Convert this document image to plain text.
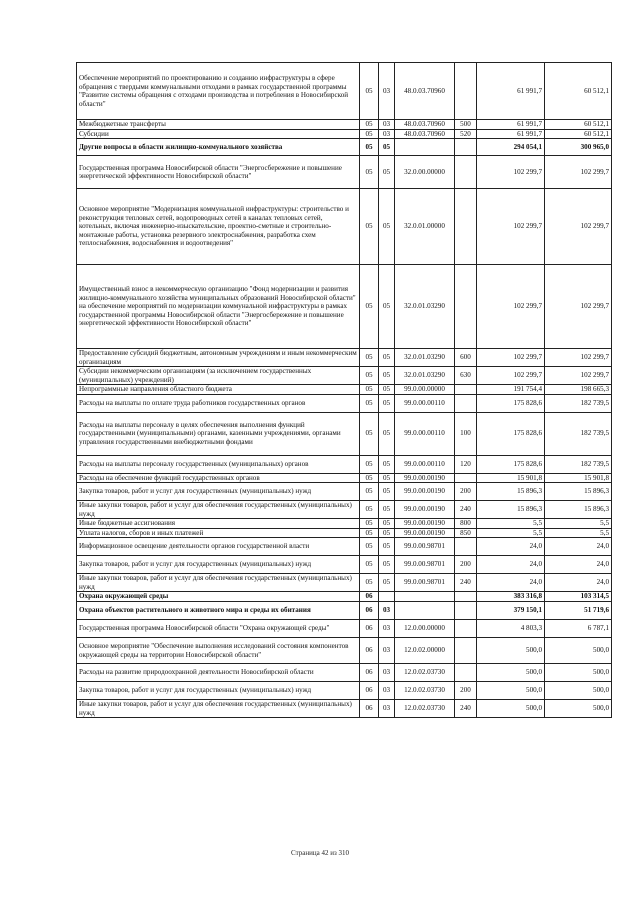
Обеспечение мероприятий по проектированию и созданию инфраструктуры в сфере обращения с твердыми коммунальными отходами в рамках государственной программы "Развитие системы обращения с отходами производства и потребления в Новосибирской области"	05	03	48.0.03.70960		61 991,7	60 512,1
Межбюджетные трансферты	05	03	48.0.03.70960	500	61 991,7	60 512,1
Субсидии	05	03	48.0.03.70960	520	61 991,7	60 512,1
Другие вопросы в области жилищно-коммунального хозяйства	05	05			294 054,1	300 965,0
Государственная программа Новосибирской области "Энергосбережение и повышение энергетической эффективности Новосибирской области"	05	05	32.0.00.00000		102 299,7	102 299,7
Основное мероприятие "Модернизация коммунальной инфраструктуры: строительство и реконструкция тепловых сетей, водопроводных сетей в каналах тепловых сетей, котельных, включая инженерно-изыскательские, проектно-сметные и строительно-монтажные работы, установка резервного электроснабжения, разработка схем теплоснабжения, водоснабжения и водоотведения"	05	05	32.0.01.00000		102 299,7	102 299,7
Имущественный взнос в некоммерческую организацию "Фонд модернизации и развития жилищно-коммунального хозяйства муниципальных образований Новосибирской области" на обеспечение мероприятий по модернизации коммунальной инфраструктуры в рамках государственной программы Новосибирской области "Энергосбережение и повышение энергетической эффективности Новосибирской области"	05	05	32.0.01.03290		102 299,7	102 299,7
Предоставление субсидий бюджетным, автономным учреждениям и иным некоммерческим организациям	05	05	32.0.01.03290	600	102 299,7	102 299,7
Субсидии некоммерческим организациям (за исключением государственных (муниципальных) учреждений)	05	05	32.0.01.03290	630	102 299,7	102 299,7
Непрограммные направления областного бюджета	05	05	99.0.00.00000		191 754,4	198 665,3
Расходы на выплаты по оплате труда работников государственных органов	05	05	99.0.00.00110		175 828,6	182 739,5
Расходы на выплаты персоналу в целях обеспечения выполнения функций государственными (муниципальными) органами, казенными учреждениями, органами управления государственными внебюджетными фондами	05	05	99.0.00.00110	100	175 828,6	182 739,5
Расходы на выплаты персоналу государственных (муниципальных) органов	05	05	99.0.00.00110	120	175 828,6	182 739,5
Расходы на обеспечение функций государственных органов	05	05	99.0.00.00190		15 901,8	15 901,8
Закупка товаров, работ и услуг для государственных (муниципальных) нужд	05	05	99.0.00.00190	200	15 896,3	15 896,3
Иные закупки товаров, работ и услуг для обеспечения государственных (муниципальных) нужд	05	05	99.0.00.00190	240	15 896,3	15 896,3
Иные бюджетные ассигнования	05	05	99.0.00.00190	800	5,5	5,5
Уплата налогов, сборов и иных платежей	05	05	99.0.00.00190	850	5,5	5,5
Информационное освещение деятельности органов государственной власти	05	05	99.0.00.98701		24,0	24,0
Закупка товаров, работ и услуг для государственных (муниципальных) нужд	05	05	99.0.00.98701	200	24,0	24,0
Иные закупки товаров, работ и услуг для обеспечения государственных (муниципальных) нужд	05	05	99.0.00.98701	240	24,0	24,0
Охрана окружающей среды	06				383 316,8	103 314,5
Охрана объектов растительного и животного мира и среды их обитания	06	03			379 150,1	51 719,6
Государственная программа Новосибирской области "Охрана окружающей среды"	06	03	12.0.00.00000		4 803,3	6 787,1
Основное мероприятие "Обеспечение выполнения исследований состояния компонентов окружающей среды на территории Новосибирской области"	06	03	12.0.02.00000		500,0	500,0
Расходы на развитие природоохранной деятельности Новосибирской области	06	03	12.0.02.03730		500,0	500,0
Закупка товаров, работ и услуг для государственных (муниципальных) нужд	06	03	12.0.02.03730	200	500,0	500,0
Иные закупки товаров, работ и услуг для обеспечения государственных (муниципальных) нужд	06	03	12.0.02.03730	240	500,0	500,0
Страница 42 из 310
